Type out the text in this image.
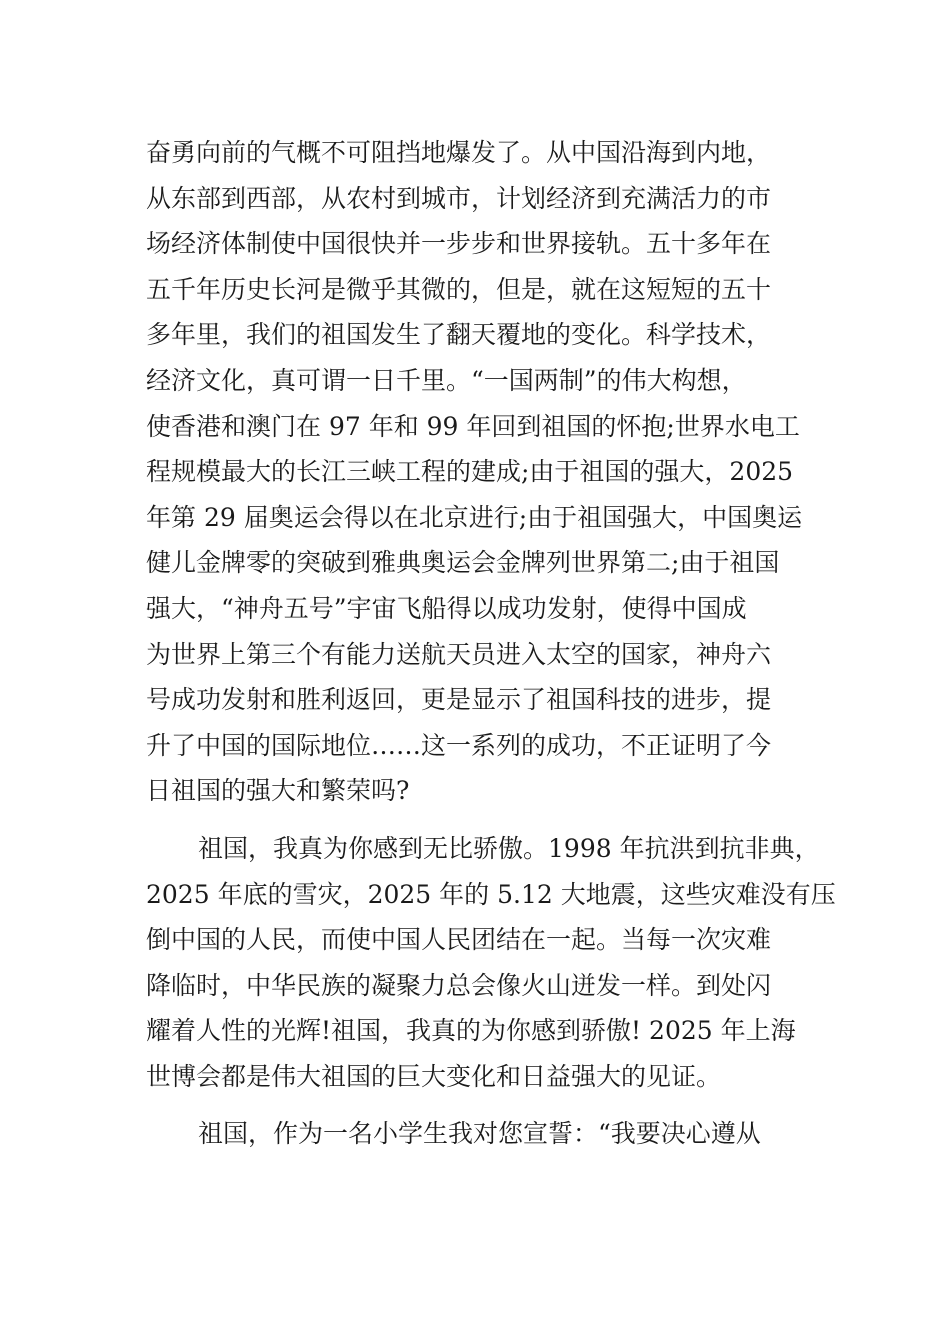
奋勇向前的气概不可阻挡地爆发了。从中国沿海到内地，
从东部到西部，从农村到城市，计划经济到充满活力的市
场经济体制使中国很快并一步步和世界接轨。五十多年在
五千年历史长河是微乎其微的，但是，就在这短短的五十
多年里，我们的祖国发生了翻天覆地的变化。科学技术，
经济文化，真可谓一日千里。“一国两制”的伟大构想，
使香港和澳门在 97 年和 99 年回到祖国的怀抱;世界水电工
程规模最大的长江三峡工程的建成;由于祖国的强大，2025
年第 29 届奥运会得以在北京进行;由于祖国强大，中国奥运
健儿金牌零的突破到雅典奥运会金牌列世界第二;由于祖国
强大，“神舟五号”宇宙飞船得以成功发射，使得中国成
为世界上第三个有能力送航天员进入太空的国家，神舟六
号成功发射和胜利返回，更是显示了祖国科技的进步，提
升了中国的国际地位……这一系列的成功，不正证明了今
日祖国的强大和繁荣吗?
祖国，我真为你感到无比骄傲。1998 年抗洪到抗非典，
2025 年底的雪灾，2025 年的 5.12 大地震，这些灾难没有压
倒中国的人民，而使中国人民团结在一起。当每一次灾难
降临时，中华民族的凝聚力总会像火山迸发一样。到处闪
耀着人性的光辉!祖国，我真的为你感到骄傲! 2025 年上海
世博会都是伟大祖国的巨大变化和日益强大的见证。
祖国，作为一名小学生我对您宣誓：“我要决心遵从
